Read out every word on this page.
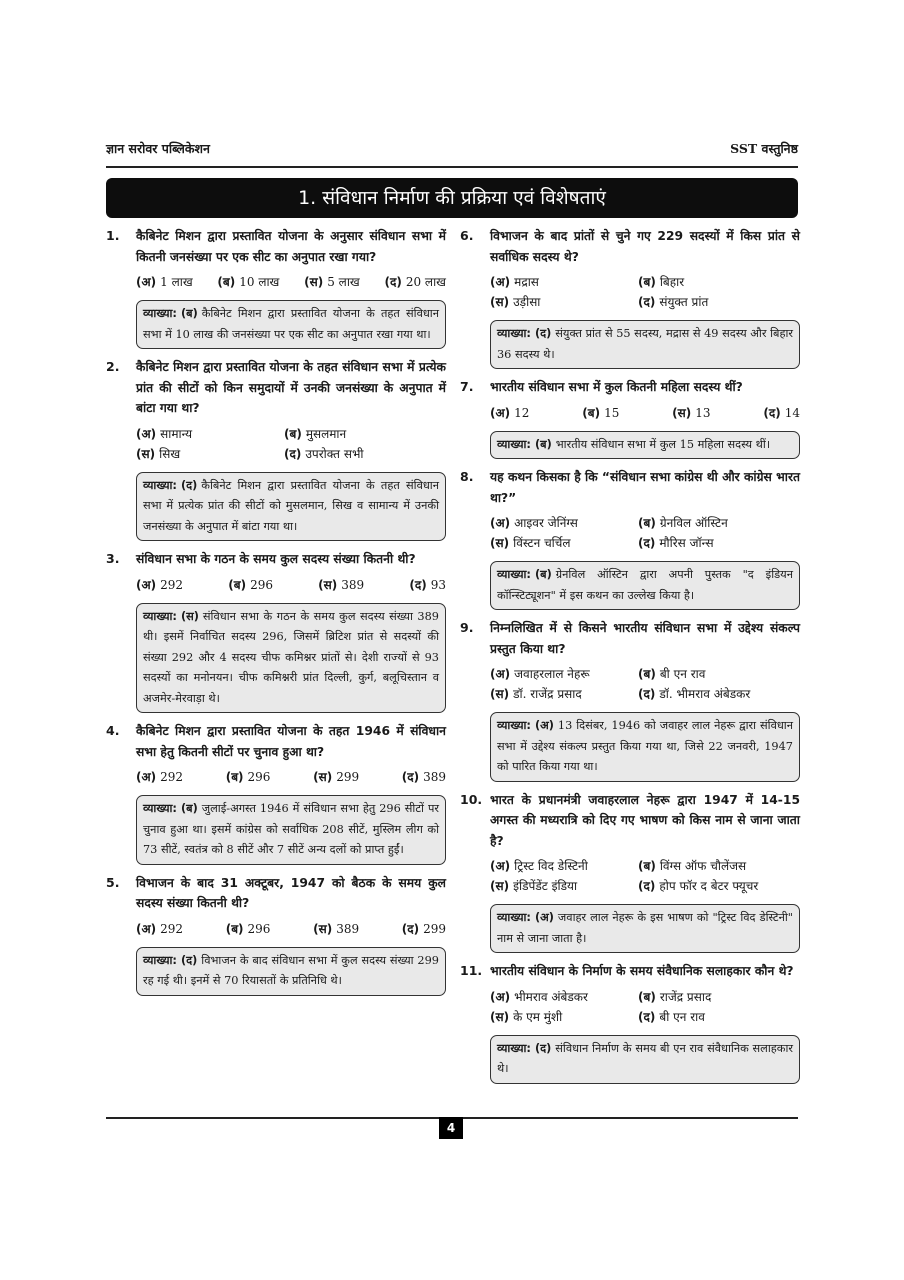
ज्ञान सरोवर पब्लिकेशन	SST वस्तुनिष्ठ
1. संविधान निर्माण की प्रक्रिया एवं विशेषताएं
1. कैबिनेट मिशन द्वारा प्रस्तावित योजना के अनुसार संविधान सभा में कितनी जनसंख्या पर एक सीट का अनुपात रखा गया?
(अ) 1 लाख (ब) 10 लाख (स) 5 लाख (द) 20 लाख
व्याख्या: (ब) कैबिनेट मिशन द्वारा प्रस्तावित योजना के तहत संविधान सभा में 10 लाख की जनसंख्या पर एक सीट का अनुपात रखा गया था।
2. कैबिनेट मिशन द्वारा प्रस्तावित योजना के तहत संविधान सभा में प्रत्येक प्रांत की सीटों को किन समुदायों में उनकी जनसंख्या के अनुपात में बांटा गया था?
(अ) सामान्य	(ब) मुसलमान
(स) सिख	(द) उपरोक्त सभी
व्याख्या: (द) कैबिनेट मिशन द्वारा प्रस्तावित योजना के तहत संविधान सभा में प्रत्येक प्रांत की सीटों को मुसलमान, सिख व सामान्य में उनकी जनसंख्या के अनुपात में बांटा गया था।
3. संविधान सभा के गठन के समय कुल सदस्य संख्या कितनी थी?
(अ) 292	(ब) 296	(स) 389	(द) 93
व्याख्या: (स) संविधान सभा के गठन के समय कुल सदस्य संख्या 389 थी। इसमें निर्वाचित सदस्य 296, जिसमें ब्रिटिश प्रांत से सदस्यों की संख्या 292 और 4 सदस्य चीफ कमिश्नर प्रांतों से। देशी राज्यों से 93 सदस्यों का मनोनयन। चीफ कमिश्नरी प्रांत दिल्ली, कुर्ग, बलूचिस्तान व अजमेर-मेरवाड़ा थे।
4. कैबिनेट मिशन द्वारा प्रस्तावित योजना के तहत 1946 में संविधान सभा हेतु कितनी सीटों पर चुनाव हुआ था?
(अ) 292	(ब) 296	(स) 299	(द) 389
व्याख्या: (ब) जुलाई-अगस्त 1946 में संविधान सभा हेतु 296 सीटों पर चुनाव हुआ था। इसमें कांग्रेस को सर्वाधिक 208 सीटें, मुस्लिम लीग को 73 सीटें, स्वतंत्र को 8 सीटें और 7 सीटें अन्य दलों को प्राप्त हुईं।
5. विभाजन के बाद 31 अक्टूबर, 1947 को बैठक के समय कुल सदस्य संख्या कितनी थी?
(अ) 292	(ब) 296	(स) 389	(द) 299
व्याख्या: (द) विभाजन के बाद संविधान सभा में कुल सदस्य संख्या 299 रह गई थी। इनमें से 70 रियासतों के प्रतिनिधि थे।
6. विभाजन के बाद प्रांतों से चुने गए 229 सदस्यों में किस प्रांत से सर्वाधिक सदस्य थे?
(अ) मद्रास	(ब) बिहार
(स) उड़ीसा	(द) संयुक्त प्रांत
व्याख्या: (द) संयुक्त प्रांत से 55 सदस्य, मद्रास से 49 सदस्य और बिहार 36 सदस्य थे।
7. भारतीय संविधान सभा में कुल कितनी महिला सदस्य थीं?
(अ) 12	(ब) 15	(स) 13	(द) 14
व्याख्या: (ब) भारतीय संविधान सभा में कुल 15 महिला सदस्य थीं।
8. यह कथन किसका है कि “संविधान सभा कांग्रेस थी और कांग्रेस भारत था?”
(अ) आइवर जेनिंग्स	(ब) ग्रेनविल ऑस्टिन
(स) विंस्टन चर्चिल	(द) मौरिस जॉन्स
व्याख्या: (ब) ग्रेनविल ऑस्टिन द्वारा अपनी पुस्तक "द इंडियन कॉन्स्टिट्यूशन" में इस कथन का उल्लेख किया है।
9. निम्नलिखित में से किसने भारतीय संविधान सभा में उद्देश्य संकल्प प्रस्तुत किया था?
(अ) जवाहरलाल नेहरू	(ब) बी एन राव
(स) डॉ. राजेंद्र प्रसाद	(द) डॉ. भीमराव अंबेडकर
व्याख्या: (अ) 13 दिसंबर, 1946 को जवाहर लाल नेहरू द्वारा संविधान सभा में उद्देश्य संकल्प प्रस्तुत किया गया था, जिसे 22 जनवरी, 1947 को पारित किया गया था।
10. भारत के प्रधानमंत्री जवाहरलाल नेहरू द्वारा 1947 में 14-15 अगस्त की मध्यरात्रि को दिए गए भाषण को किस नाम से जाना जाता है?
(अ) ट्रिस्ट विद डेस्टिनी	(ब) विंग्स ऑफ चौलेंजस
(स) इंडिपेंडेंट इंडिया	(द) होप फॉर द बेटर फ्यूचर
व्याख्या: (अ) जवाहर लाल नेहरू के इस भाषण को "ट्रिस्ट विद डेस्टिनी" नाम से जाना जाता है।
11. भारतीय संविधान के निर्माण के समय संवैधानिक सलाहकार कौन थे?
(अ) भीमराव अंबेडकर	(ब) राजेंद्र प्रसाद
(स) के एम मुंशी	(द) बी एन राव
व्याख्या: (द) संविधान निर्माण के समय बी एन राव संवैधानिक सलाहकार थे।
4
